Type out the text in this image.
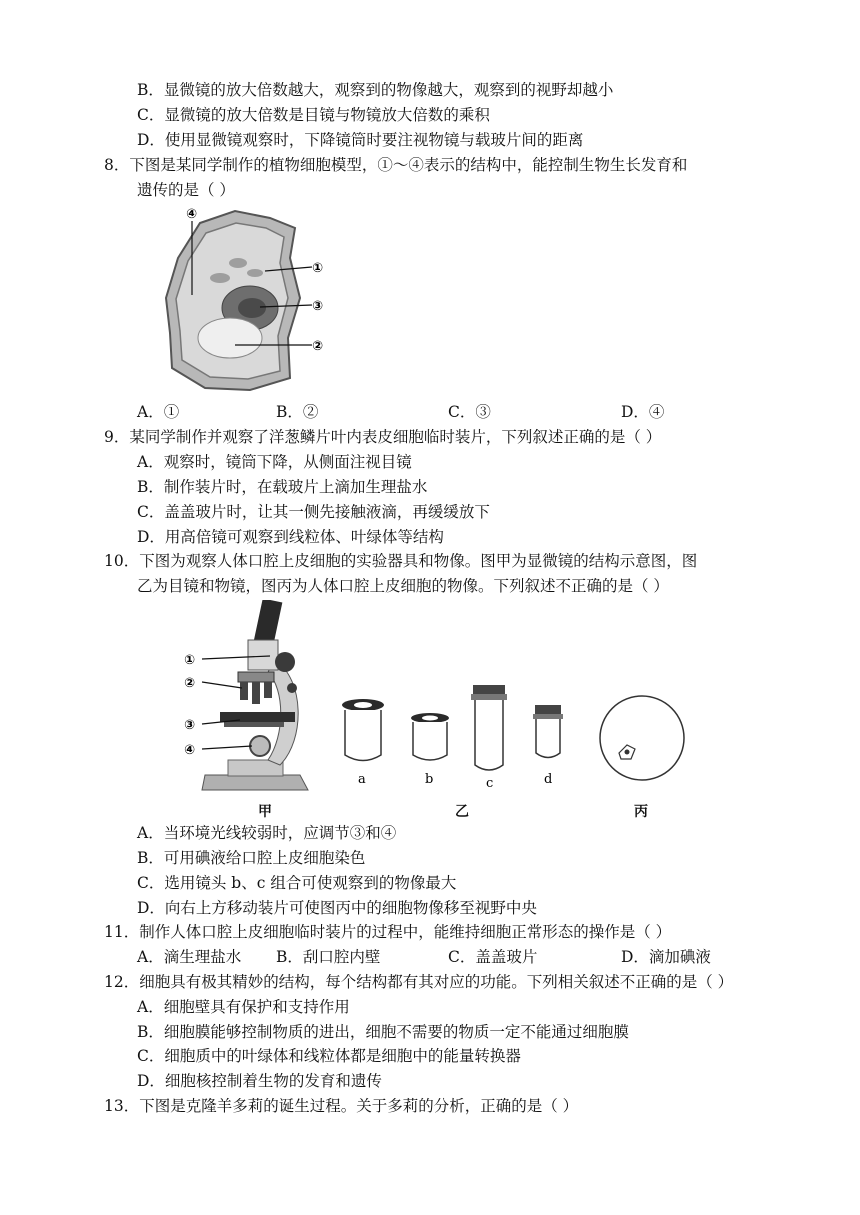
B．显微镜的放大倍数越大，观察到的物像越大，观察到的视野却越小
C．显微镜的放大倍数是目镜与物镜放大倍数的乘积
D．使用显微镜观察时，下降镜筒时要注视物镜与载玻片间的距离
8．下图是某同学制作的植物细胞模型，①～④表示的结构中，能控制生物生长发育和
遗传的是（ ）
④
①
③
②
A．①	B．②	C．③	D．④
9．某同学制作并观察了洋葱鳞片叶内表皮细胞临时装片，下列叙述正确的是（ ）
A．观察时，镜筒下降，从侧面注视目镜
B．制作装片时，在载玻片上滴加生理盐水
C．盖盖玻片时，让其一侧先接触液滴，再缓缓放下
D．用高倍镜可观察到线粒体、叶绿体等结构
10．下图为观察人体口腔上皮细胞的实验器具和物像。图甲为显微镜的结构示意图，图
乙为目镜和物镜，图丙为人体口腔上皮细胞的物像。下列叙述不正确的是（ ）
①
②
③
④
a	b	c	d
甲	乙	丙
A．当环境光线较弱时，应调节③和④
B．可用碘液给口腔上皮细胞染色
C．选用镜头 b、c 组合可使观察到的物像最大
D．向右上方移动装片可使图丙中的细胞物像移至视野中央
11．制作人体口腔上皮细胞临时装片的过程中，能维持细胞正常形态的操作是（ ）
A．滴生理盐水 B．刮口腔内壁	C．盖盖玻片	D．滴加碘液
12．细胞具有极其精妙的结构，每个结构都有其对应的功能。下列相关叙述不正确的是（ ）
A．细胞壁具有保护和支持作用
B．细胞膜能够控制物质的进出，细胞不需要的物质一定不能通过细胞膜
C．细胞质中的叶绿体和线粒体都是细胞中的能量转换器
D．细胞核控制着生物的发育和遗传
13．下图是克隆羊多莉的诞生过程。关于多莉的分析，正确的是（ ）
